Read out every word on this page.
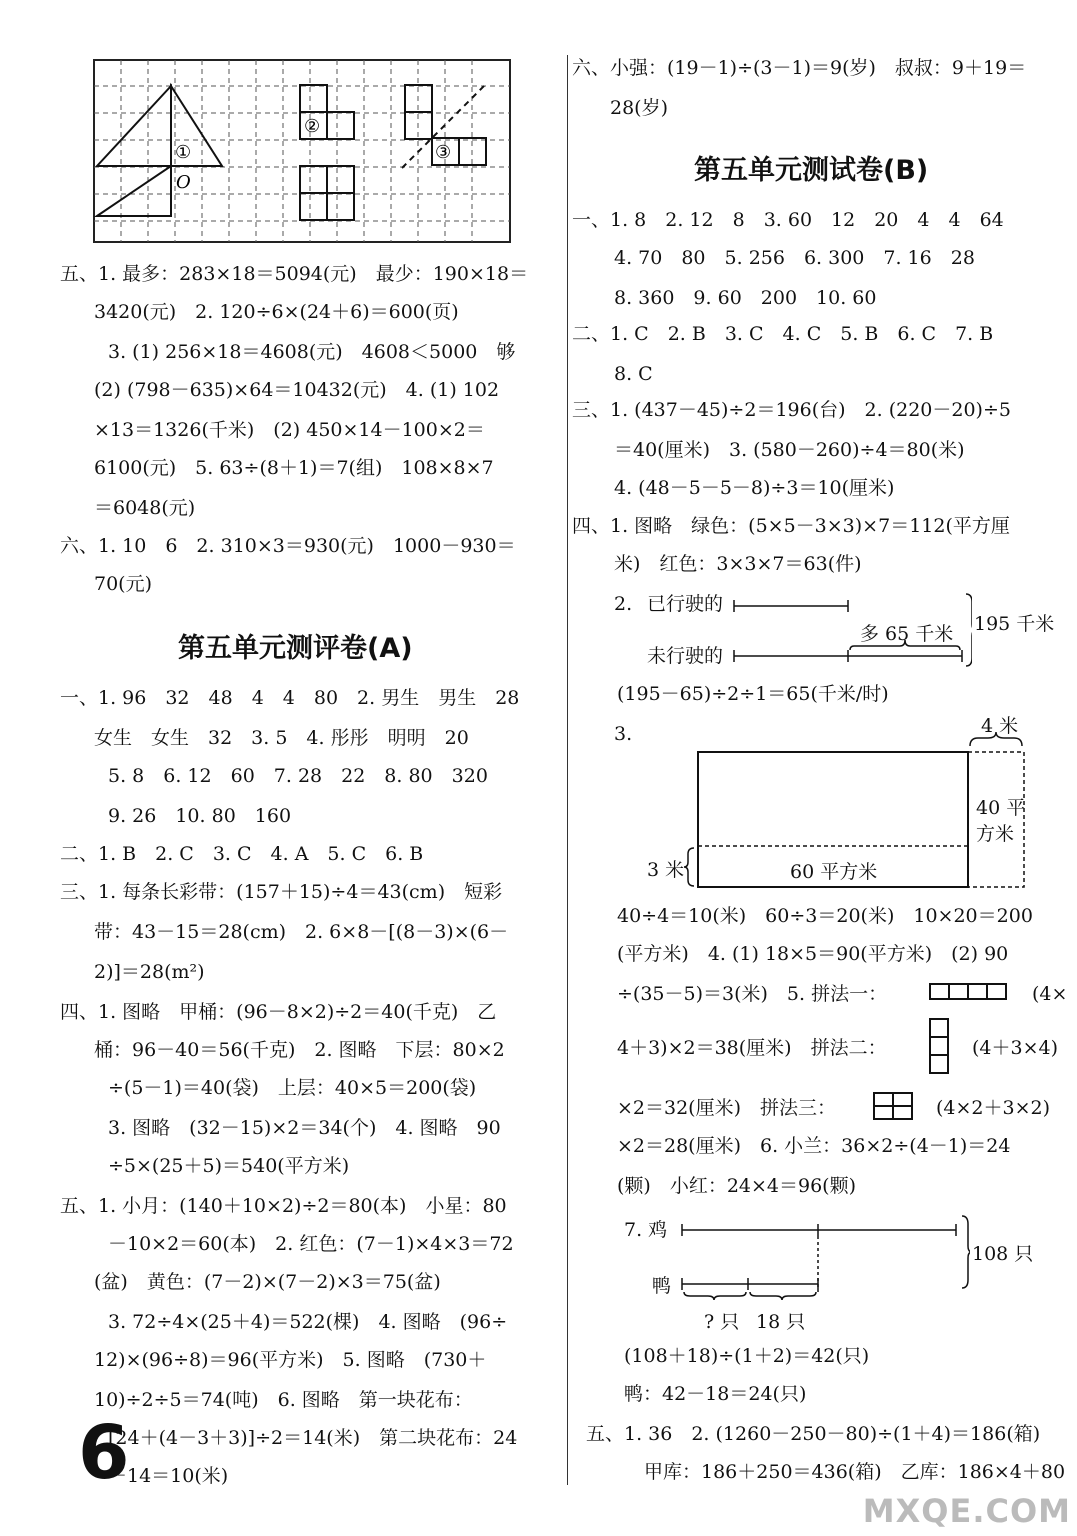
①
②
③
O
五、1. 最多：283×18＝5094(元)　最少：190×18＝
3420(元)　2. 120÷6×(24＋6)＝600(页)
3. (1) 256×18＝4608(元)　4608＜5000　够
(2) (798－635)×64＝10432(元)　4. (1) 102
×13＝1326(千米)　(2) 450×14－100×2＝
6100(元)　5. 63÷(8＋1)＝7(组)　108×8×7
＝6048(元)
六、1. 10　6　2. 310×3＝930(元)　1000－930＝
70(元)
第五单元测评卷(A)
一、1. 96　32　48　4　4　80　2. 男生　男生　28
女生　女生　32　3. 5　4. 彤彤　明明　20
5. 8　6. 12　60　7. 28　22　8. 80　320
9. 26　10. 80　160
二、1. B　2. C　3. C　4. A　5. C　6. B
三、1. 每条长彩带：(157＋15)÷4＝43(cm)　短彩
带：43－15＝28(cm)　2. 6×8－[(8－3)×(6－
2)]＝28(m²)
四、1. 图略　甲桶：(96－8×2)÷2＝40(千克)　乙
桶：96－40＝56(千克)　2. 图略　下层：80×2
÷(5－1)＝40(袋)　上层：40×5＝200(袋)
3. 图略　(32－15)×2＝34(个)　4. 图略　90
÷5×(25＋5)＝540(平方米)
五、1. 小月：(140＋10×2)÷2＝80(本)　小星：80
－10×2＝60(本)　2. 红色：(7－1)×4×3＝72
(盆)　黄色：(7－2)×(7－2)×3＝75(盆)
3. 72÷4×(25＋4)＝522(棵)　4. 图略　(96÷
12)×(96÷8)＝96(平方米)　5. 图略　(730＋
10)÷2÷5＝74(吨)　6. 图略　第一块花布：
[24＋(4－3＋3)]÷2＝14(米)　第二块花布：24
－14＝10(米)
6
六、小强：(19－1)÷(3－1)＝9(岁)　叔叔：9＋19＝
28(岁)
第五单元测试卷(B)
一、1. 8　2. 12　8　3. 60　12　20　4　4　64
4. 70　80　5. 256　6. 300　7. 16　28
8. 360　9. 60　200　10. 60
二、1. C　2. B　3. C　4. C　5. B　6. C　7. B
8. C
三、1. (437－45)÷2＝196(台)　2. (220－20)÷5
＝40(厘米)　3. (580－260)÷4＝80(米)
4. (48－5－5－8)÷3＝10(厘米)
四、1. 图略　绿色：(5×5－3×3)×7＝112(平方厘
米)　红色：3×3×7＝63(件)
2. 已行驶的
未行驶的
多 65 千米 195 千米
(195－65)÷2÷1＝65(千米/时)
3.	4 米
40 平
方米
3 米	60 平方米
40÷4＝10(米)　60÷3＝20(米)　10×20＝200
(平方米)　4. (1) 18×5＝90(平方米)　(2) 90
÷(35－5)＝3(米)　5. 拼法一：
4＋3)×2＝38(厘米)　拼法二：
×2＝32(厘米)　拼法三：
×2＝28(厘米)　6. 小兰：36×2÷(4－1)＝24
(颗)　小红：24×4＝96(颗)
(4×
(4＋3×4)
(4×2＋3×2)
7. 鸡
鸭
108 只
? 只 18 只
(108＋18)÷(1＋2)＝42(只)
鸭：42－18＝24(只)
五、1. 36　2. (1260－250－80)÷(1＋4)＝186(箱)
甲库：186＋250＝436(箱)　乙库：186×4＋80
MXQE.COM
